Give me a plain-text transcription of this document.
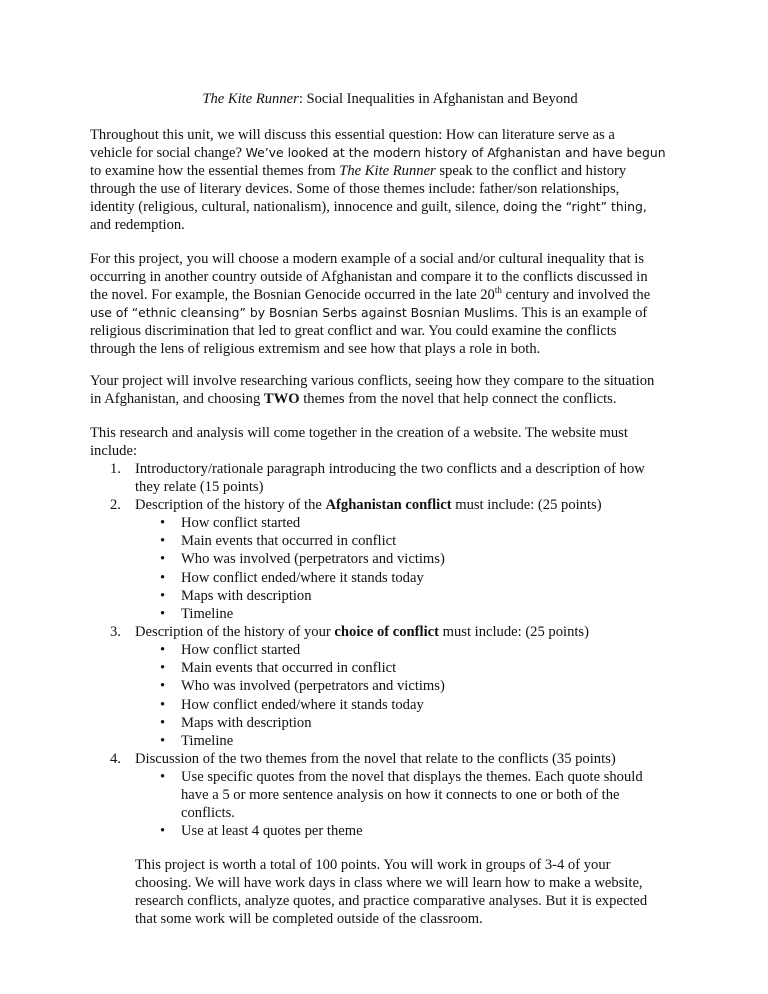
The Kite Runner: Social Inequalities in Afghanistan and Beyond

Throughout this unit, we will discuss this essential question: How can literature serve as a

vehicle for social change? We’ve looked at the modern history of Afghanistan and have begun

to examine how the essential themes from The Kite Runner speak to the conflict and history

through the use of literary devices. Some of those themes include: father/son relationships,

identity (religious, cultural, nationalism), innocence and guilt, silence, doing the “right” thing,

and redemption.

For this project, you will choose a modern example of a social and/or cultural inequality that is

occurring in another country outside of Afghanistan and compare it to the conflicts discussed in

the novel. For example, the Bosnian Genocide occurred in the late 20th century and involved the

use of “ethnic cleansing” by Bosnian Serbs against Bosnian Muslims. This is an example of

religious discrimination that led to great conflict and war. You could examine the conflicts

through the lens of religious extremism and see how that plays a role in both.

Your project will involve researching various conflicts, seeing how they compare to the situation

in Afghanistan, and choosing TWO themes from the novel that help connect the conflicts.

This research and analysis will come together in the creation of a website. The website must

include:

1. Introductory/rationale paragraph introducing the two conflicts and a description of how
they relate (15 points)
2. Description of the history of the Afghanistan conflict must include: (25 points)
• How conflict started
• Main events that occurred in conflict
• Who was involved (perpetrators and victims)
• How conflict ended/where it stands today
• Maps with description
• Timeline
3. Description of the history of your choice of conflict must include: (25 points)
• How conflict started
• Main events that occurred in conflict
• Who was involved (perpetrators and victims)
• How conflict ended/where it stands today
• Maps with description
• Timeline
4. Discussion of the two themes from the novel that relate to the conflicts (35 points)
• Use specific quotes from the novel that displays the themes. Each quote should
have a 5 or more sentence analysis on how it connects to one or both of the
conflicts.
• Use at least 4 quotes per theme

This project is worth a total of 100 points. You will work in groups of 3-4 of your

choosing. We will have work days in class where we will learn how to make a website,

research conflicts, analyze quotes, and practice comparative analyses. But it is expected

that some work will be completed outside of the classroom.
